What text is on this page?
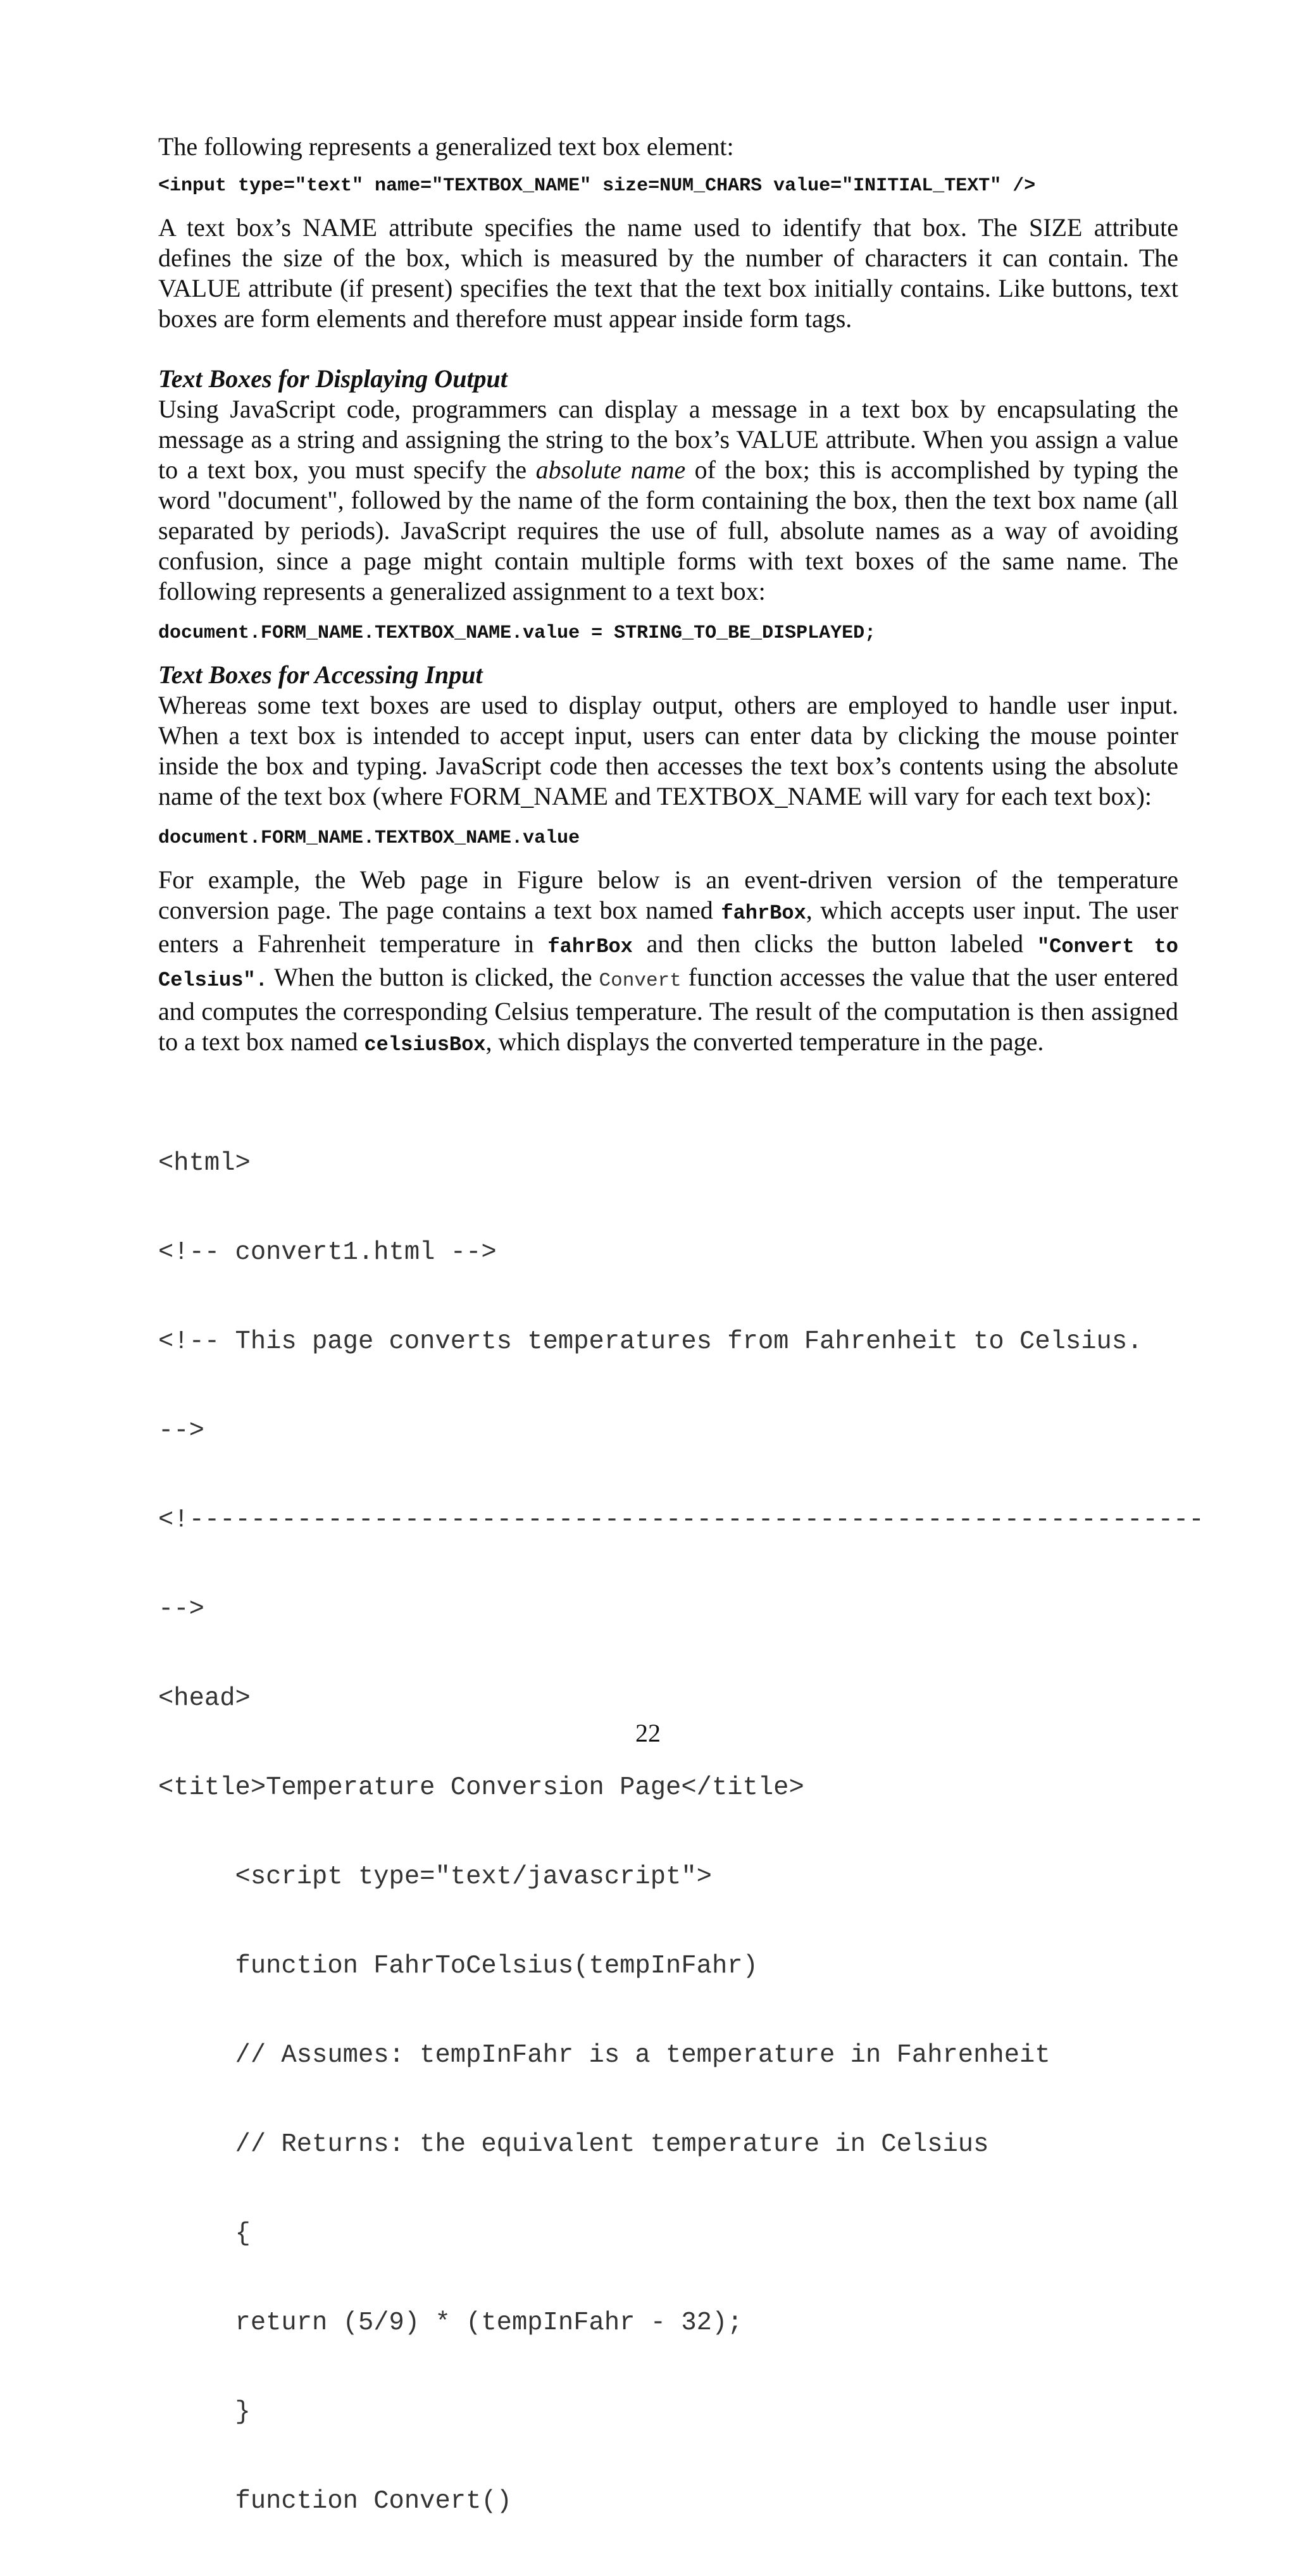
The following represents a generalized text box element:

<input type="text" name="TEXTBOX_NAME" size=NUM_CHARS value="INITIAL_TEXT" />

A text box’s NAME attribute specifies the name used to identify that box. The SIZE attribute defines the size of the box, which is measured by the number of characters it can contain. The VALUE attribute (if present) specifies the text that the text box initially contains. Like buttons, text boxes are form elements and therefore must appear inside form tags.

Text Boxes for Displaying Output

Using JavaScript code, programmers can display a message in a text box by encapsulating the message as a string and assigning the string to the box’s VALUE attribute. When you assign a value to a text box, you must specify the absolute name of the box; this is accomplished by typing the word "document", followed by the name of the form containing the box, then the text box name (all separated by periods). JavaScript requires the use of full, absolute names as a way of avoiding confusion, since a page might contain multiple forms with text boxes of the same name. The following represents a generalized assignment to a text box:

document.FORM_NAME.TEXTBOX_NAME.value = STRING_TO_BE_DISPLAYED;

Text Boxes for Accessing Input

Whereas some text boxes are used to display output, others are employed to handle user input. When a text box is intended to accept input, users can enter data by clicking the mouse pointer inside the box and typing. JavaScript code then accesses the text box’s contents using the absolute name of the text box (where FORM_NAME and TEXTBOX_NAME will vary for each text box):

document.FORM_NAME.TEXTBOX_NAME.value

For example, the Web page in Figure below is an event-driven version of the temperature conversion page. The page contains a text box named fahrBox, which accepts user input. The user enters a Fahrenheit temperature in fahrBox and then clicks the button labeled "Convert to Celsius". When the button is clicked, the Convert function accesses the value that the user entered and computes the corresponding Celsius temperature. The result of the computation is then assigned to a text box named celsiusBox, which displays the converted temperature in the page.

<html>

<!-- convert1.html -->

<!-- This page converts temperatures from Fahrenheit to Celsius.

-->

<!------------------------------------------------------------------

-->

<head>

<title>Temperature Conversion Page</title>

<script type="text/javascript">

function FahrToCelsius(tempInFahr)

// Assumes: tempInFahr is a temperature in Fahrenheit

// Returns: the equivalent temperature in Celsius

{

return (5/9) * (tempInFahr - 32);

}

function Convert()

22
